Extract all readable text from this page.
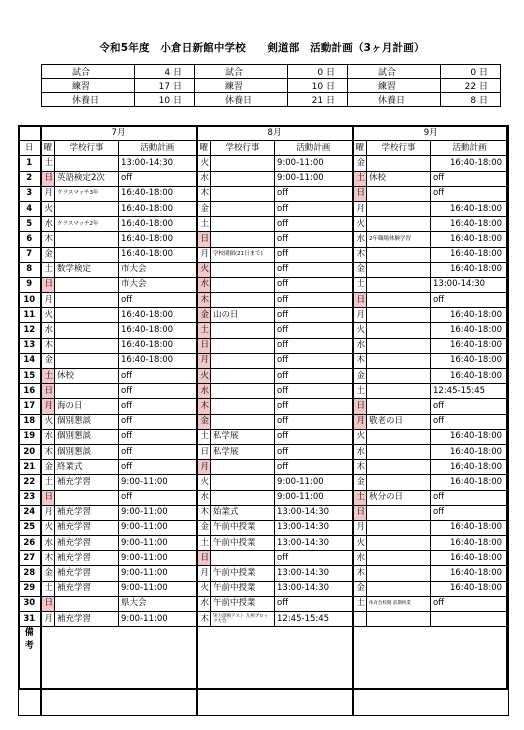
令和5年度　小倉日新館中学校　　剣道部　活動計画（3ヶ月計画）
試合	4 日	試合	0 日	試合	0 日
練習	17 日	練習	10 日	練習	22 日
休養日	10 日	休養日	21 日	休養日	8 日
	7月			8月			9月		
日	曜	学校行事	活動計画	曜	学校行事	活動計画	曜	学校行事	活動計画
1	土		13:00-14:30	火		9:00-11:00	金		16:40-18:00
2	日	英語検定2次	off	水		9:00-11:00	土	休校	off
3	月	クラスマッチ3年	16:40-18:00	木		off	日		off
4	火		16:40-18:00	金		off	月		16:40-18:00
5	水	クラスマッチ2年	16:40-18:00	土		off	火		16:40-18:00
6	木		16:40-18:00	日		off	水	2年職場体験学習	16:40-18:00
7	金		16:40-18:00	月	学校閉鎖(21日まで)	off	木		16:40-18:00
8	土	数学検定	市大会	火		off	金		16:40-18:00
9	日		市大会	水		off	土		13:00-14:30
10	月		off	木		off	日		off
11	火		16:40-18:00	金	山の日	off	月		16:40-18:00
12	水		16:40-18:00	土		off	火		16:40-18:00
13	木		16:40-18:00	日		off	水		16:40-18:00
14	金		16:40-18:00	月		off	木		16:40-18:00
15	土	休校	off	火		off	金		16:40-18:00
16	日		off	水		off	土		12:45-15:45
17	月	海の日	off	木		off	日		off
18	火	個別懇談	off	金		off	月	敬老の日	off
19	水	個別懇談	off	土	私学展	off	火		16:40-18:00
20	木	個別懇談	off	日	私学展	off	水		16:40-18:00
21	金	終業式	off	月		off	木		16:40-18:00
22	土	補充学習	9:00-11:00	火		9:00-11:00	金		16:40-18:00
23	日		off	水		9:00-11:00	土	秋分の日	off
24	月	補充学習	9:00-11:00	木	始業式	13:00-14:30	日		off
25	火	補充学習	9:00-11:00	金	午前中授業	13:00-14:30	月		16:40-18:00
26	水	補充学習	9:00-11:00	土	午前中授業	13:00-14:30	火		16:40-18:00
27	木	補充学習	9:00-11:00	日		off	水		16:40-18:00
28	金	補充学習	9:00-11:00	月	午前中授業	13:00-14:30	木		16:40-18:00
29	土	補充学習	9:00-11:00	火	午前中授業	13:00-14:30	金		16:40-18:00
30	日		県大会	水	午前中授業	off	土	体育会校開 前期終業	off
31	月	補充学習	9:00-11:00	木	実力診断テスト 九州ブロック大会	12:45-15:45			
備
考									
